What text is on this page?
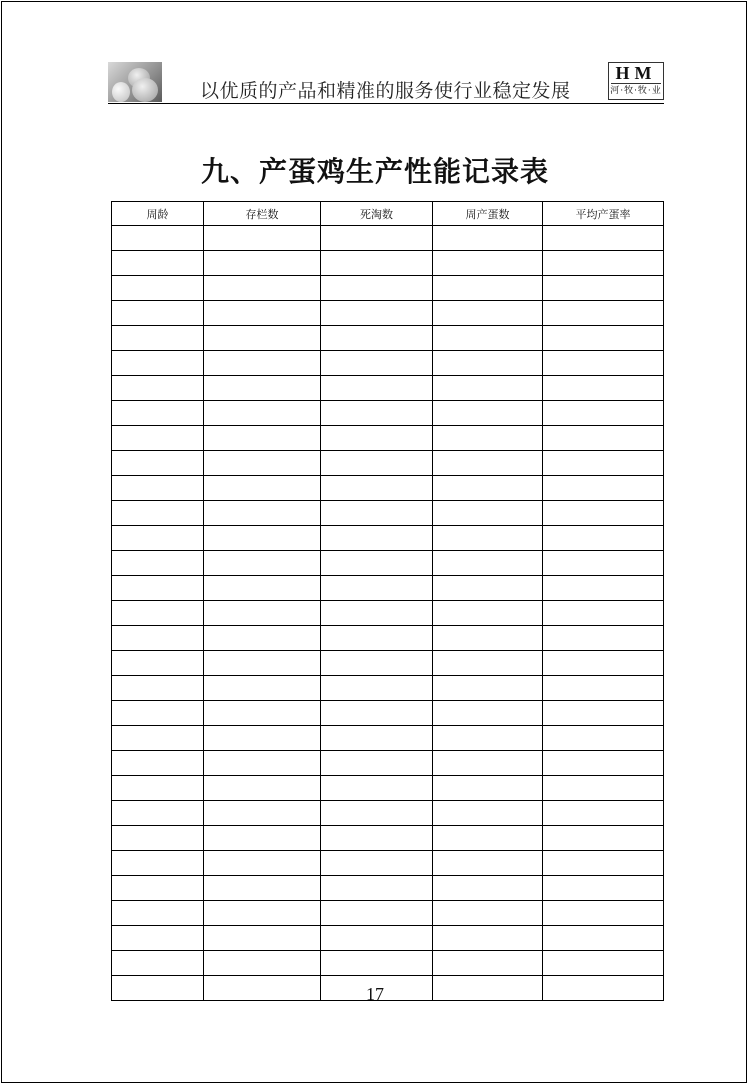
以优质的产品和精准的服务使行业稳定发展
HM
河·牧·牧·业
九、产蛋鸡生产性能记录表
周龄	存栏数	死淘数	周产蛋数	平均产蛋率

17
